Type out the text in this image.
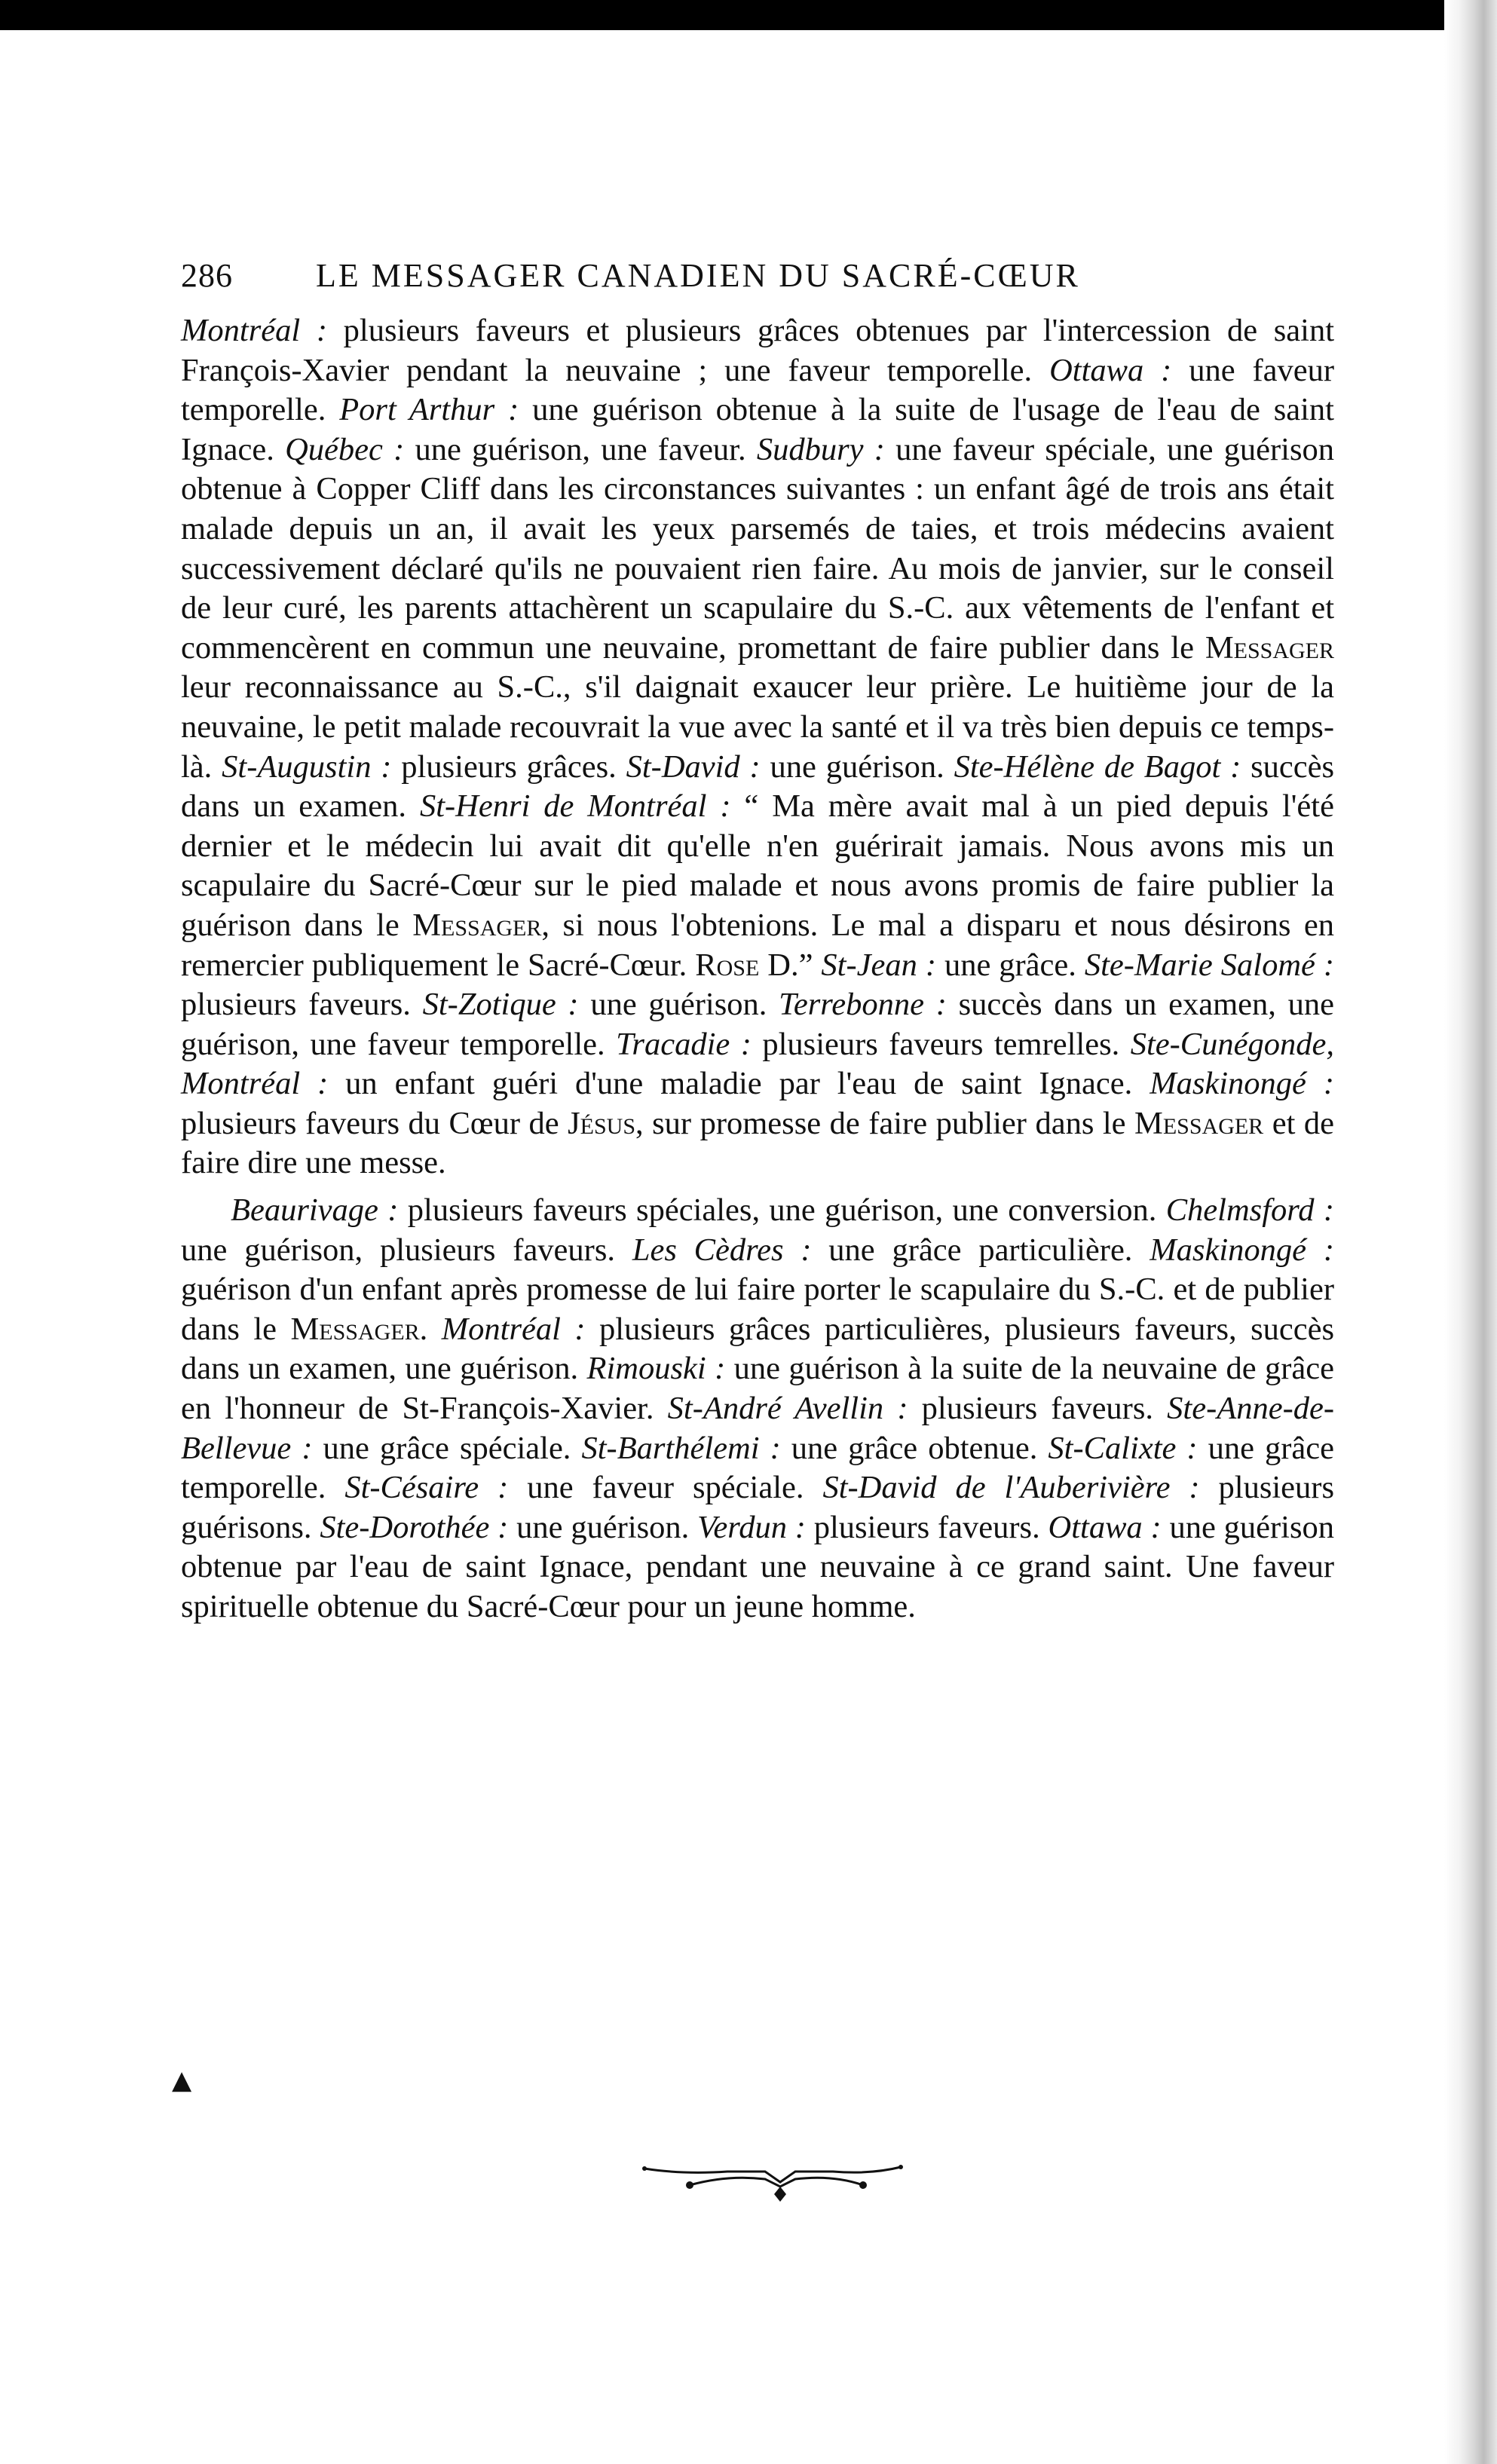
286	LE MESSAGER CANADIEN DU SACRÉ-CŒUR

Montréal : plusieurs faveurs et plusieurs grâces obtenues par l'intercession de saint François-Xavier pendant la neuvaine ; une faveur temporelle. Ottawa : une faveur temporelle. Port Arthur : une guérison obtenue à la suite de l'usage de l'eau de saint Ignace. Québec : une guérison, une faveur. Sudbury : une faveur spéciale, une guérison obtenue à Copper Cliff dans les circonstances suivantes : un enfant âgé de trois ans était malade depuis un an, il avait les yeux parsemés de taies, et trois médecins avaient successivement déclaré qu'ils ne pouvaient rien faire. Au mois de janvier, sur le conseil de leur curé, les parents attachèrent un scapulaire du S.-C. aux vêtements de l'enfant et commencèrent en commun une neuvaine, promettant de faire publier dans le Messager leur reconnaissance au S.-C., s'il daignait exaucer leur prière. Le huitième jour de la neuvaine, le petit malade recouvrait la vue avec la santé et il va très bien depuis ce temps-là. St-Augustin : plusieurs grâces. St-David : une guérison. Ste-Hélène de Bagot : succès dans un examen. St-Henri de Montréal : “ Ma mère avait mal à un pied depuis l'été dernier et le médecin lui avait dit qu'elle n'en guérirait jamais. Nous avons mis un scapulaire du Sacré-Cœur sur le pied malade et nous avons promis de faire publier la guérison dans le Messager, si nous l'obtenions. Le mal a disparu et nous désirons en remercier publiquement le Sacré-Cœur. Rose D.” St-Jean : une grâce. Ste-Marie Salomé : plusieurs faveurs. St-Zotique : une guérison. Terrebonne : succès dans un examen, une guérison, une faveur temporelle. Tracadie : plusieurs faveurs temrelles. Ste-Cunégonde, Montréal : un enfant guéri d'une maladie par l'eau de saint Ignace. Maskinongé : plusieurs faveurs du Cœur de Jésus, sur promesse de faire publier dans le Messager et de faire dire une messe.

Beaurivage : plusieurs faveurs spéciales, une guérison, une conversion. Chelmsford : une guérison, plusieurs faveurs. Les Cèdres : une grâce particulière. Maskinongé : guérison d'un enfant après promesse de lui faire porter le scapulaire du S.-C. et de publier dans le Messager. Montréal : plusieurs grâces particulières, plusieurs faveurs, succès dans un examen, une guérison. Rimouski : une guérison à la suite de la neuvaine de grâce en l'honneur de St-François-Xavier. St-André Avellin : plusieurs faveurs. Ste-Anne-de-Bellevue : une grâce spéciale. St-Barthélemi : une grâce obtenue. St-Calixte : une grâce temporelle. St-Césaire : une faveur spéciale. St-David de l'Auberivière : plusieurs guérisons. Ste-Dorothée : une guérison. Verdun : plusieurs faveurs. Ottawa : une guérison obtenue par l'eau de saint Ignace, pendant une neuvaine à ce grand saint. Une faveur spirituelle obtenue du Sacré-Cœur pour un jeune homme.

▲
